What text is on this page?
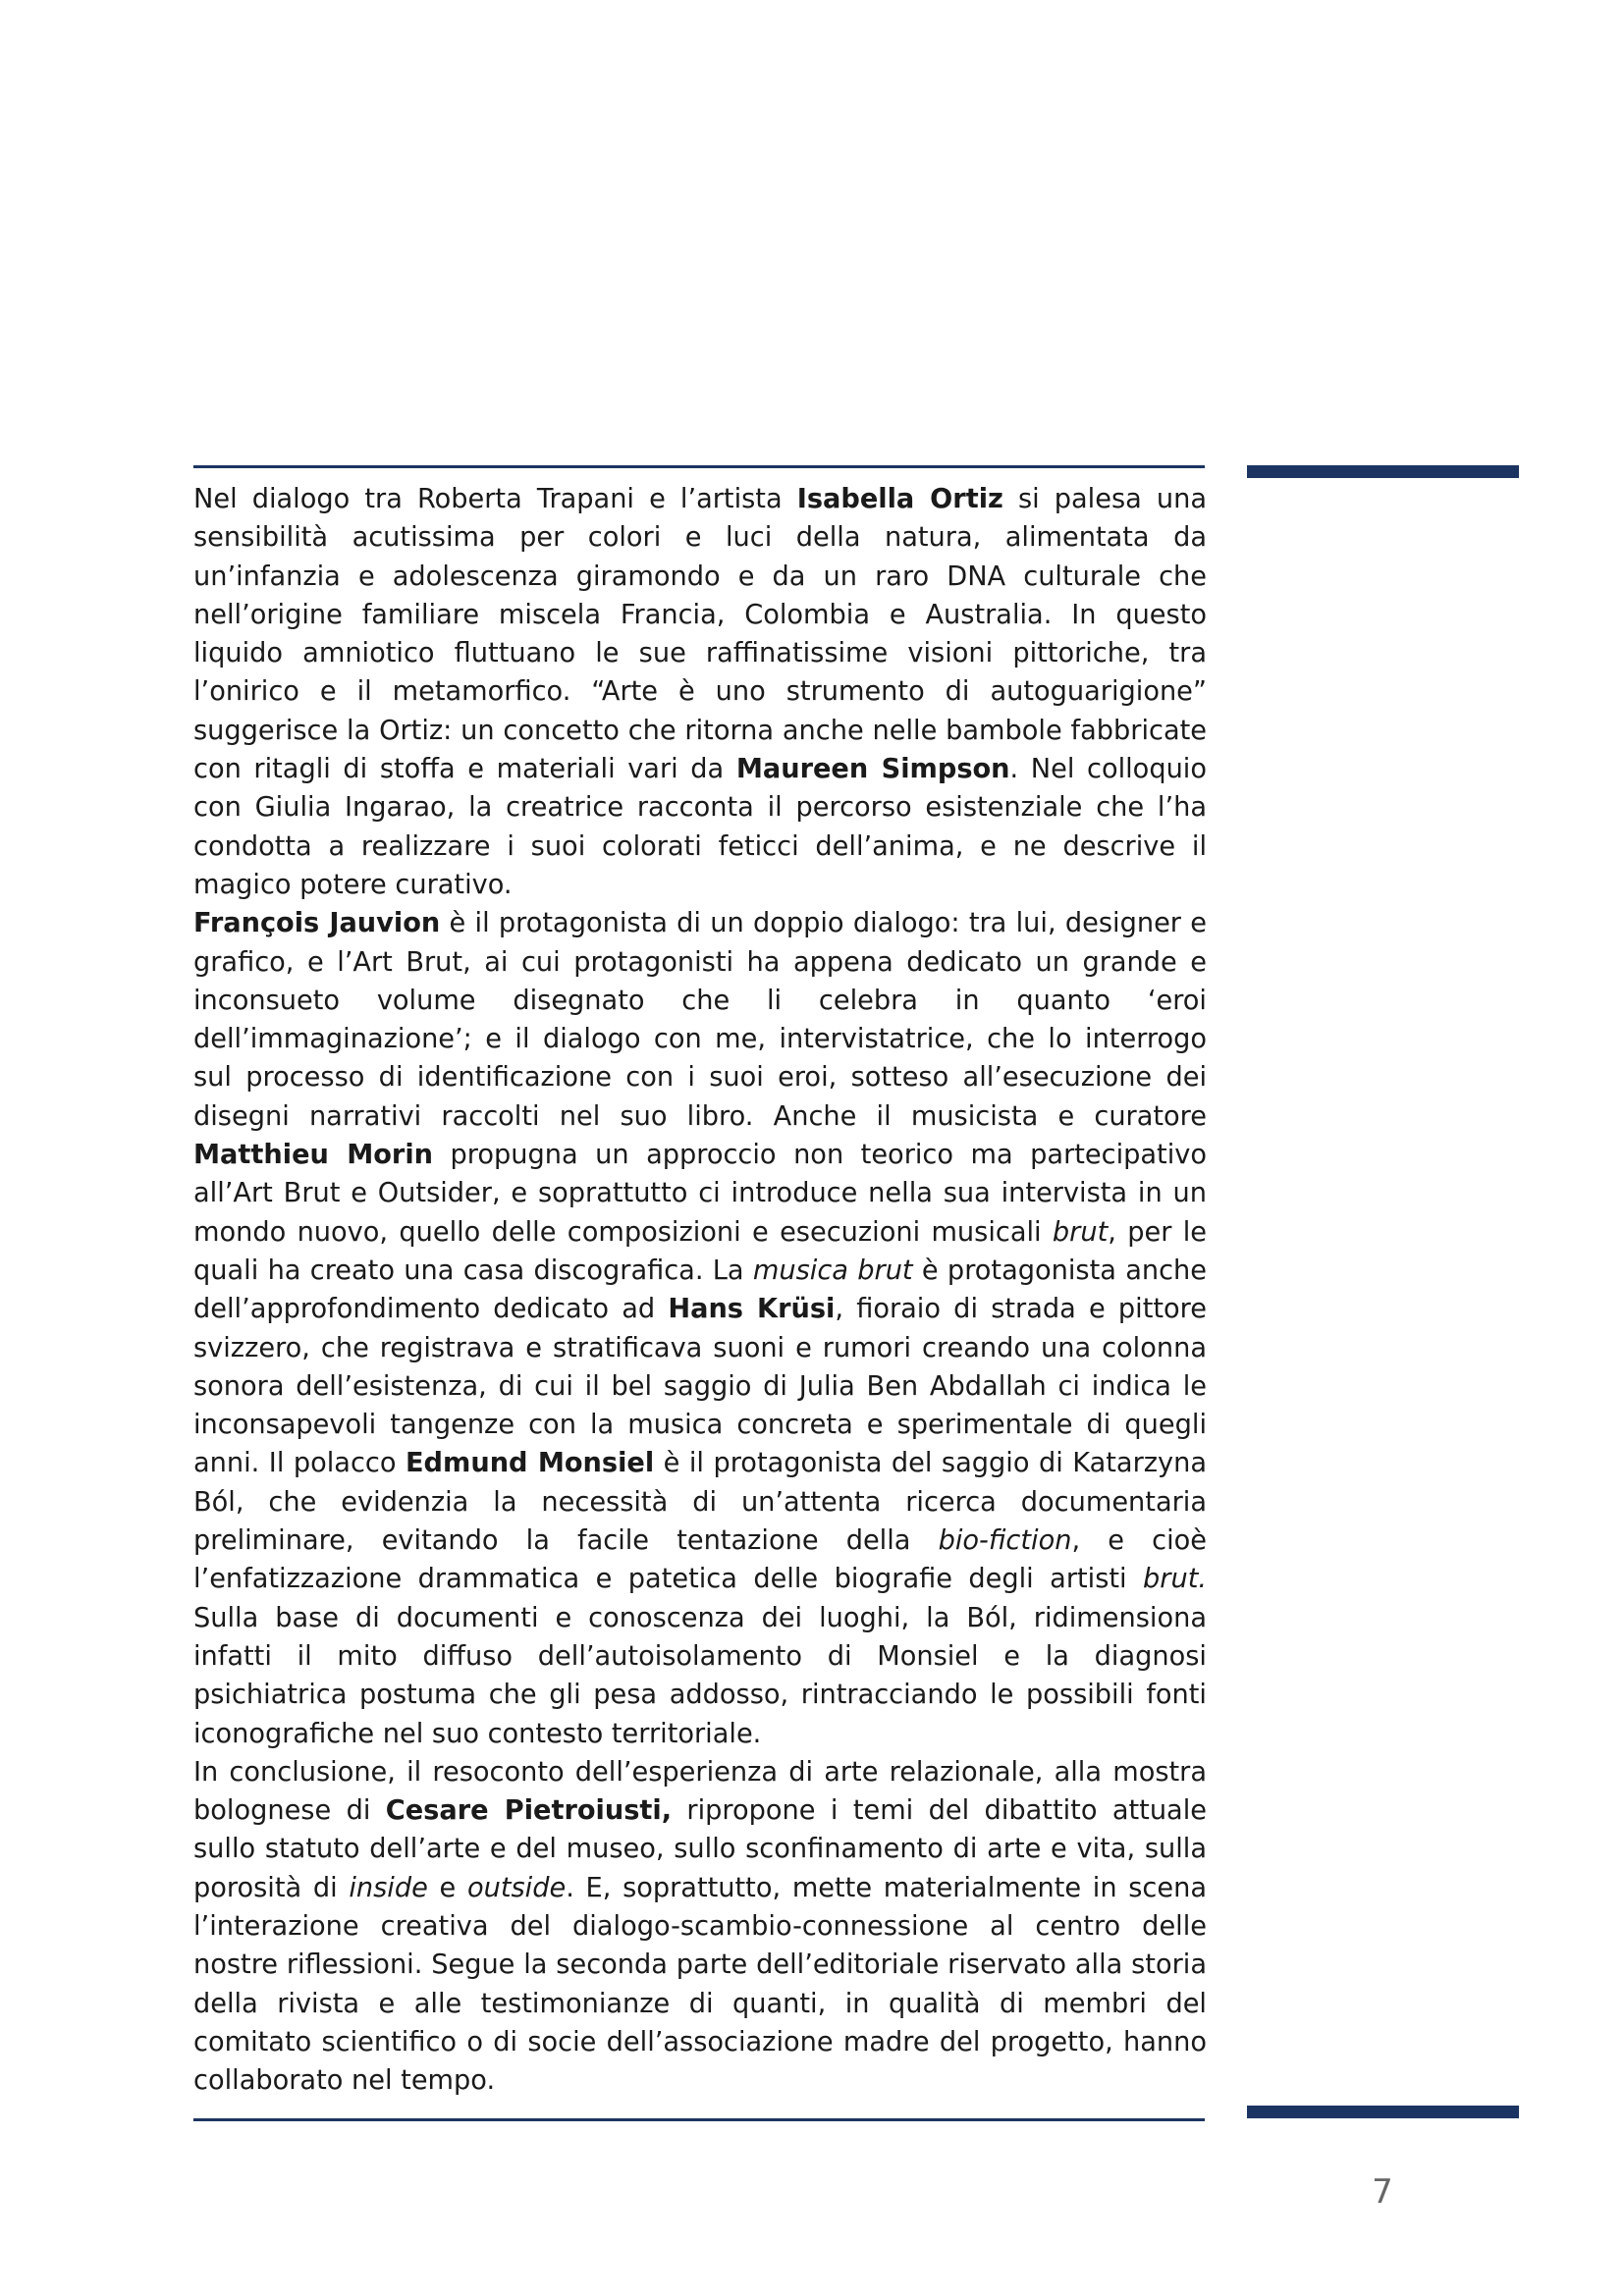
Nel dialogo tra Roberta Trapani e l’artista Isabella Ortiz si palesa una sensibilità acutissima per colori e luci della natura, alimentata da un’infanzia e adolescenza giramondo e da un raro DNA culturale che nell’origine familiare miscela Francia, Colombia e Australia. In questo liquido amniotico fluttuano le sue raffinatissime visioni pittoriche, tra l’onirico e il metamorfico. “Arte è uno strumento di autoguarigione” suggerisce la Ortiz: un concetto che ritorna anche nelle bambole fabbricate con ritagli di stoffa e materiali vari da Maureen Simpson. Nel colloquio con Giulia Ingarao, la creatrice racconta il percorso esistenziale che l’ha condotta a realizzare i suoi colorati feticci dell’anima, e ne descrive il magico potere curativo.

François Jauvion è il protagonista di un doppio dialogo: tra lui, designer e grafico, e l’Art Brut, ai cui protagonisti ha appena dedicato un grande e inconsueto volume disegnato che li celebra in quanto ‘eroi dell’immaginazione’; e il dialogo con me, intervistatrice, che lo interrogo sul processo di identificazione con i suoi eroi, sotteso all’esecuzione dei disegni narrativi raccolti nel suo libro. Anche il musicista e curatore Matthieu Morin propugna un approccio non teorico ma partecipativo all’Art Brut e Outsider, e soprattutto ci introduce nella sua intervista in un mondo nuovo, quello delle composizioni e esecuzioni musicali brut, per le quali ha creato una casa discografica. La musica brut è protagonista anche dell’approfondimento dedicato ad Hans Krüsi, fioraio di strada e pittore svizzero, che registrava e stratificava suoni e rumori creando una colonna sonora dell’esistenza, di cui il bel saggio di Julia Ben Abdallah ci indica le inconsapevoli tangenze con la musica concreta e sperimentale di quegli anni. Il polacco Edmund Monsiel è il protagonista del saggio di Katarzyna Ból, che evidenzia la necessità di un’attenta ricerca documentaria preliminare, evitando la facile tentazione della bio-fiction, e cioè l’enfatizzazione drammatica e patetica delle biografie degli artisti brut. Sulla base di documenti e conoscenza dei luoghi, la Ból, ridimensiona infatti il mito diffuso dell’autoisolamento di Monsiel e la diagnosi psichiatrica postuma che gli pesa addosso, rintracciando le possibili fonti iconografiche nel suo contesto territoriale.

In conclusione, il resoconto dell’esperienza di arte relazionale, alla mostra bolognese di Cesare Pietroiusti, ripropone i temi del dibattito attuale sullo statuto dell’arte e del museo, sullo sconfinamento di arte e vita, sulla porosità di inside e outside. E, soprattutto, mette materialmente in scena l’interazione creativa del dialogo-scambio-connessione al centro delle nostre riflessioni. Segue la seconda parte dell’editoriale riservato alla storia della rivista e alle testimonianze di quanti, in qualità di membri del comitato scientifico o di socie dell’associazione madre del progetto, hanno collaborato nel tempo.

7
